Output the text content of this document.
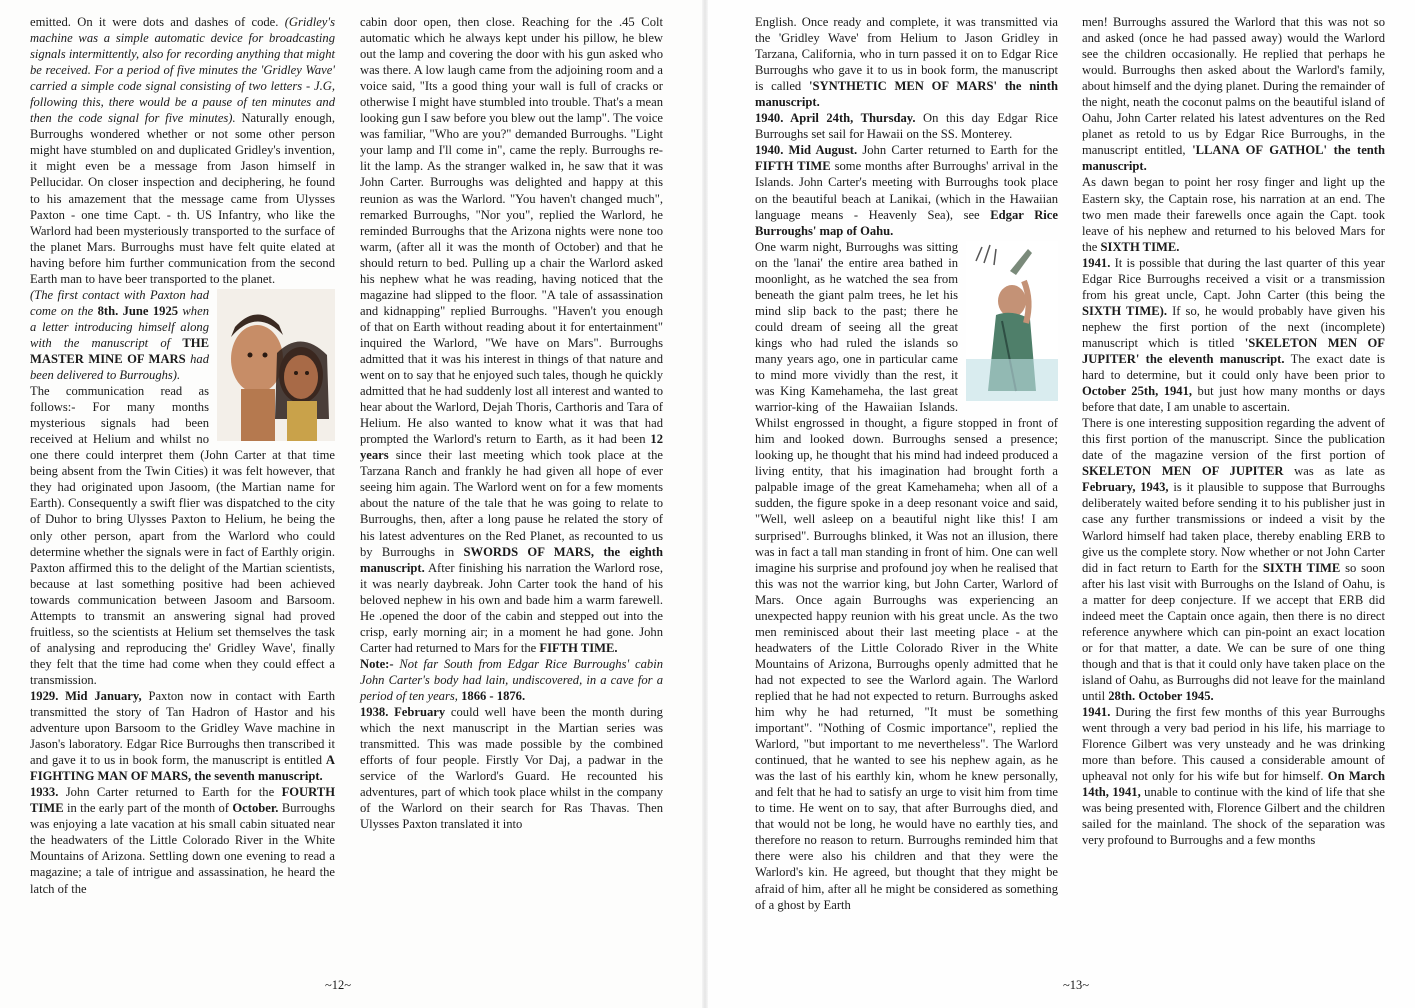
emitted. On it were dots and dashes of code. (Gridley's machine was a simple automatic device for broadcasting signals intermittently, also for recording anything that might be received. For a period of five minutes the 'Gridley Wave' carried a simple code signal consisting of two letters - J.G, following this, there would be a pause of ten minutes and then the code signal for five minutes). Naturally enough, Burroughs wondered whether or not some other person might have stumbled on and duplicated Gridley's invention, it might even be a message from Jason himself in Pellucidar. On closer inspection and deciphering, he found to his amazement that the message came from Ulysses Paxton - one time Capt. - th. US Infantry, who like the Warlord had been mysteriously transported to the surface of the planet Mars. Burroughs must have felt quite elated at having before him further communication from the second Earth man to have beer transported to the planet.

(The first contact with Paxton had come on the 8th. June 1925 when a letter introducing himself along with the manuscript of THE MASTER MINE OF MARS had been delivered to Burroughs).

The communication read as follows:- For many months mysterious signals had been received at Helium and whilst no one there could interpret them (John Carter at that time being absent from the Twin Cities) it was felt however, that they had originated upon Jasoom, (the Martian name for Earth). Consequently a swift flier was dispatched to the city of Duhor to bring Ulysses Paxton to Helium, he being the only other person, apart from the Warlord who could determine whether the signals were in fact of Earthly origin. Paxton affirmed this to the delight of the Martian scientists, because at last something positive had been achieved towards communication between Jasoom and Barsoom. Attempts to transmit an answering signal had proved fruitless, so the scientists at Helium set themselves the task of analysing and reproducing the' Gridley Wave', finally they felt that the time had come when they could effect a transmission.

1929. Mid January, Paxton now in contact with Earth transmitted the story of Tan Hadron of Hastor and his adventure upon Barsoom to the Gridley Wave machine in Jason's laboratory. Edgar Rice Burroughs then transcribed it and gave it to us in book form, the manuscript is entitled A FIGHTING MAN OF MARS, the seventh manuscript.

1933. John Carter returned to Earth for the FOURTH TIME in the early part of the month of October. Burroughs was enjoying a late vacation at his small cabin situated near the headwaters of the Little Colorado River in the White Mountains of Arizona. Settling down one evening to read a magazine; a tale of intrigue and assassination, he heard the latch of the

cabin door open, then close. Reaching for the .45 Colt automatic which he always kept under his pillow, he blew out the lamp and covering the door with his gun asked who was there. A low laugh came from the adjoining room and a voice said, "Its a good thing your wall is full of cracks or otherwise I might have stumbled into trouble. That's a mean looking gun I saw before you blew out the lamp". The voice was familiar, "Who are you?" demanded Burroughs. "Light your lamp and I'll come in", came the reply. Burroughs re-lit the lamp. As the stranger walked in, he saw that it was John Carter. Burroughs was delighted and happy at this reunion as was the Warlord. "You haven't changed much", remarked Burroughs, "Nor you", replied the Warlord, he reminded Burroughs that the Arizona nights were none too warm, (after all it was the month of October) and that he should return to bed. Pulling up a chair the Warlord asked his nephew what he was reading, having noticed that the magazine had slipped to the floor. "A tale of assassination and kidnapping" replied Burroughs. "Haven't you enough of that on Earth without reading about it for entertainment" inquired the Warlord, "We have on Mars". Burroughs admitted that it was his interest in things of that nature and went on to say that he enjoyed such tales, though he quickly admitted that he had suddenly lost all interest and wanted to hear about the Warlord, Dejah Thoris, Carthoris and Tara of Helium. He also wanted to know what it was that had prompted the Warlord's return to Earth, as it had been 12 years since their last meeting which took place at the Tarzana Ranch and frankly he had given all hope of ever seeing him again. The Warlord went on for a few moments about the nature of the tale that he was going to relate to Burroughs, then, after a long pause he related the story of his latest adventures on the Red Planet, as recounted to us by Burroughs in SWORDS OF MARS, the eighth manuscript. After finishing his narration the Warlord rose, it was nearly daybreak. John Carter took the hand of his beloved nephew in his own and bade him a warm farewell. He .opened the door of the cabin and stepped out into the crisp, early morning air; in a moment he had gone. John Carter had returned to Mars for the FIFTH TIME.

Note:- Not far South from Edgar Rice Burroughs' cabin John Carter's body had lain, undiscovered, in a cave for a period of ten years, 1866 - 1876.

1938. February could well have been the month during which the next manuscript in the Martian series was transmitted. This was made possible by the combined efforts of four people. Firstly Vor Daj, a padwar in the service of the Warlord's Guard. He recounted his adventures, part of which took place whilst in the company of the Warlord on their search for Ras Thavas. Then Ulysses Paxton translated it into

English. Once ready and complete, it was transmitted via the 'Gridley Wave' from Helium to Jason Gridley in Tarzana, California, who in turn passed it on to Edgar Rice Burroughs who gave it to us in book form, the manuscript is called 'SYNTHETIC MEN OF MARS' the ninth manuscript.

1940. April 24th, Thursday. On this day Edgar Rice Burroughs set sail for Hawaii on the SS. Monterey.

1940. Mid August. John Carter returned to Earth for the FIFTH TIME some months after Burroughs' arrival in the Islands. John Carter's meeting with Burroughs took place on the beautiful beach at Lanikai, (which in the Hawaiian language means - Heavenly Sea), see Edgar Rice Burroughs' map of Oahu.

One warm night, Burroughs was sitting on the 'lanai' the entire area bathed in moonlight, as he watched the sea from beneath the giant palm trees, he let his mind slip back to the past; there he could dream of seeing all the great kings who had ruled the islands so many years ago, one in particular came to mind more vividly than the rest, it was King Kamehameha, the last great warrior-king of the Hawaiian Islands. Whilst engrossed in thought, a figure stopped in front of him and looked down. Burroughs sensed a presence; looking up, he thought that his mind had indeed produced a living entity, that his imagination had brought forth a palpable image of the great Kamehameha; when all of a sudden, the figure spoke in a deep resonant voice and said, "Well, well asleep on a beautiful night like this! I am surprised". Burroughs blinked, it Was not an illusion, there was in fact a tall man standing in front of him. One can well imagine his surprise and profound joy when he realised that this was not the warrior king, but John Carter, Warlord of Mars. Once again Burroughs was experiencing an unexpected happy reunion with his great uncle. As the two men reminisced about their last meeting place - at the headwaters of the Little Colorado River in the White Mountains of Arizona, Burroughs openly admitted that he had not expected to see the Warlord again. The Warlord replied that he had not expected to return. Burroughs asked him why he had returned, "It must be something important". "Nothing of Cosmic importance", replied the Warlord, "but important to me nevertheless". The Warlord continued, that he wanted to see his nephew again, as he was the last of his earthly kin, whom he knew personally, and felt that he had to satisfy an urge to visit him from time to time. He went on to say, that after Burroughs died, and that would not be long, he would have no earthly ties, and therefore no reason to return. Burroughs reminded him that there were also his children and that they were the Warlord's kin. He agreed, but thought that they might be afraid of him, after all he might be considered as something of a ghost by Earth

men! Burroughs assured the Warlord that this was not so and asked (once he had passed away) would the Warlord see the children occasionally. He replied that perhaps he would. Burroughs then asked about the Warlord's family, about himself and the dying planet. During the remainder of the night, neath the coconut palms on the beautiful island of Oahu, John Carter related his latest adventures on the Red planet as retold to us by Edgar Rice Burroughs, in the manuscript entitled, 'LLANA OF GATHOL' the tenth manuscript.

As dawn began to point her rosy finger and light up the Eastern sky, the Captain rose, his narration at an end. The two men made their farewells once again the Capt. took leave of his nephew and returned to his beloved Mars for the SIXTH TIME.

1941. It is possible that during the last quarter of this year Edgar Rice Burroughs received a visit or a transmission from his great uncle, Capt. John Carter (this being the SIXTH TIME). If so, he would probably have given his nephew the first portion of the next (incomplete) manuscript which is titled 'SKELETON MEN OF JUPITER' the eleventh manuscript. The exact date is hard to determine, but it could only have been prior to October 25th, 1941, but just how many months or days before that date, I am unable to ascertain.

There is one interesting supposition regarding the advent of this first portion of the manuscript. Since the publication date of the magazine version of the first portion of SKELETON MEN OF JUPITER was as late as February, 1943, is it plausible to suppose that Burroughs deliberately waited before sending it to his publisher just in case any further transmissions or indeed a visit by the Warlord himself had taken place, thereby enabling ERB to give us the complete story. Now whether or not John Carter did in fact return to Earth for the SIXTH TIME so soon after his last visit with Burroughs on the Island of Oahu, is a matter for deep conjecture. If we accept that ERB did indeed meet the Captain once again, then there is no direct reference anywhere which can pin-point an exact location or for that matter, a date. We can be sure of one thing though and that is that it could only have taken place on the island of Oahu, as Burroughs did not leave for the mainland until 28th. October 1945.

1941. During the first few months of this year Burroughs went through a very bad period in his life, his marriage to Florence Gilbert was very unsteady and he was drinking more than before. This caused a considerable amount of upheaval not only for his wife but for himself. On March 14th, 1941, unable to continue with the kind of life that she was being presented with, Florence Gilbert and the children sailed for the mainland. The shock of the separation was very profound to Burroughs and a few months

~12~	~13~
